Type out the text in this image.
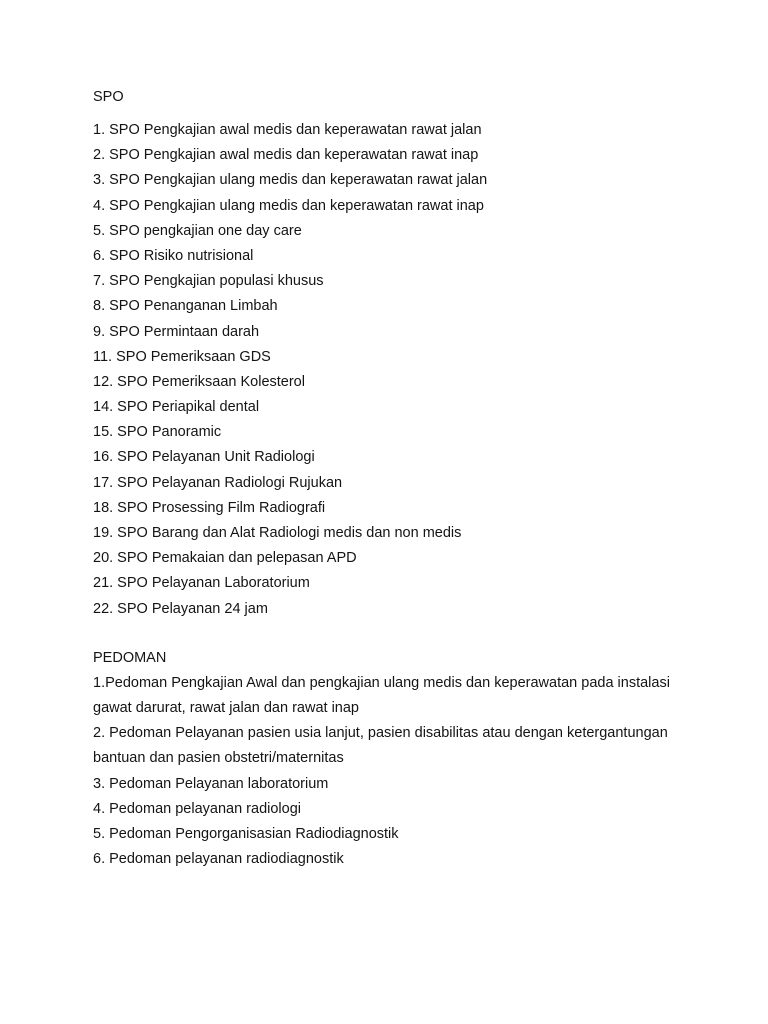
SPO
1. SPO Pengkajian awal medis dan keperawatan rawat jalan
2. SPO Pengkajian awal medis dan keperawatan rawat inap
3. SPO Pengkajian ulang medis dan keperawatan rawat jalan
4. SPO Pengkajian ulang medis dan keperawatan rawat inap
5. SPO pengkajian one day care
6. SPO Risiko nutrisional
7. SPO Pengkajian populasi khusus
8. SPO Penanganan Limbah
9. SPO Permintaan darah
11. SPO Pemeriksaan GDS
12. SPO Pemeriksaan Kolesterol
14. SPO Periapikal dental
15. SPO Panoramic
16. SPO Pelayanan Unit Radiologi
17. SPO Pelayanan Radiologi Rujukan
18. SPO Prosessing Film Radiografi
19. SPO Barang dan Alat Radiologi medis dan non medis
20. SPO Pemakaian dan pelepasan APD
21. SPO Pelayanan Laboratorium
22. SPO Pelayanan 24 jam
PEDOMAN
1.Pedoman Pengkajian Awal dan pengkajian ulang medis dan keperawatan pada instalasi gawat darurat, rawat jalan dan rawat inap
2. Pedoman Pelayanan pasien usia lanjut, pasien disabilitas atau dengan ketergantungan bantuan dan pasien obstetri/maternitas
3. Pedoman Pelayanan laboratorium
4. Pedoman pelayanan radiologi
5. Pedoman Pengorganisasian Radiodiagnostik
6. Pedoman pelayanan radiodiagnostik
